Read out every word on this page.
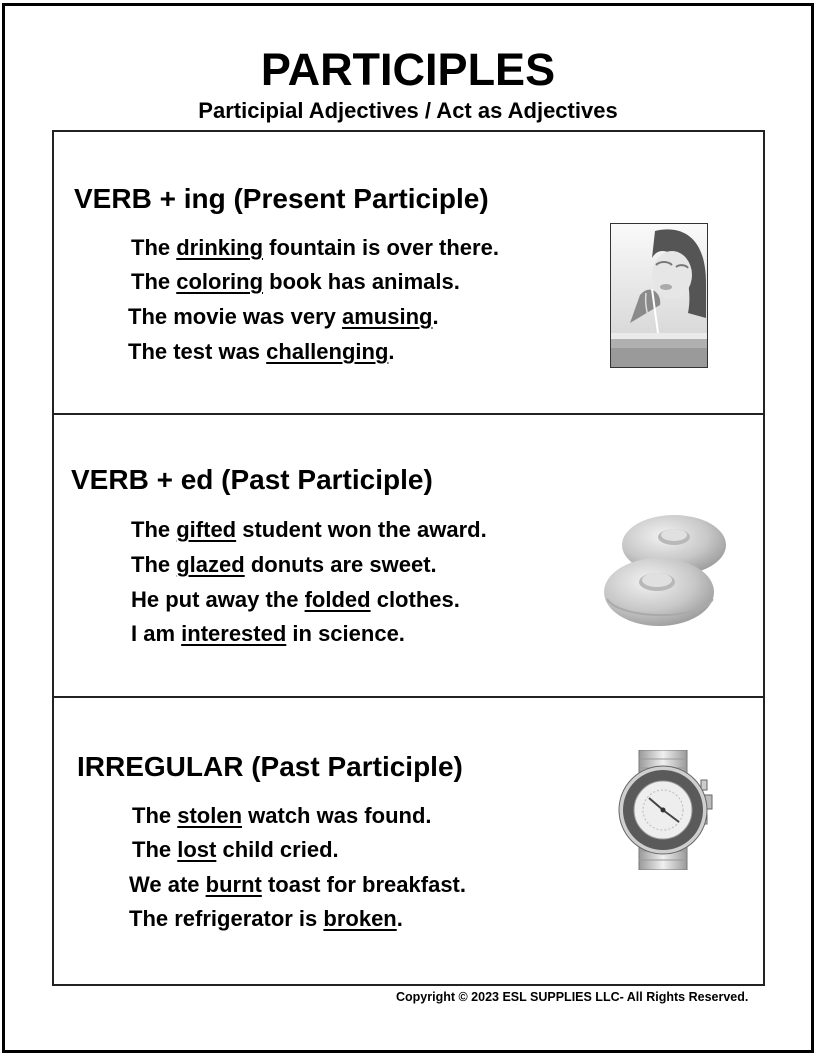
PARTICIPLES
Participial Adjectives / Act as Adjectives
VERB + ing (Present Participle)
The drinking fountain is over there.
The coloring book has animals.
The movie was very amusing.
The test was challenging.
VERB + ed (Past Participle)
The gifted student won the award.
The glazed donuts are sweet.
He put away the folded clothes.
I am interested in science.
IRREGULAR (Past Participle)
The stolen watch was found.
The lost child cried.
We ate burnt toast for breakfast.
The refrigerator is broken.
Copyright © 2023 ESL SUPPLIES LLC- All Rights Reserved.
